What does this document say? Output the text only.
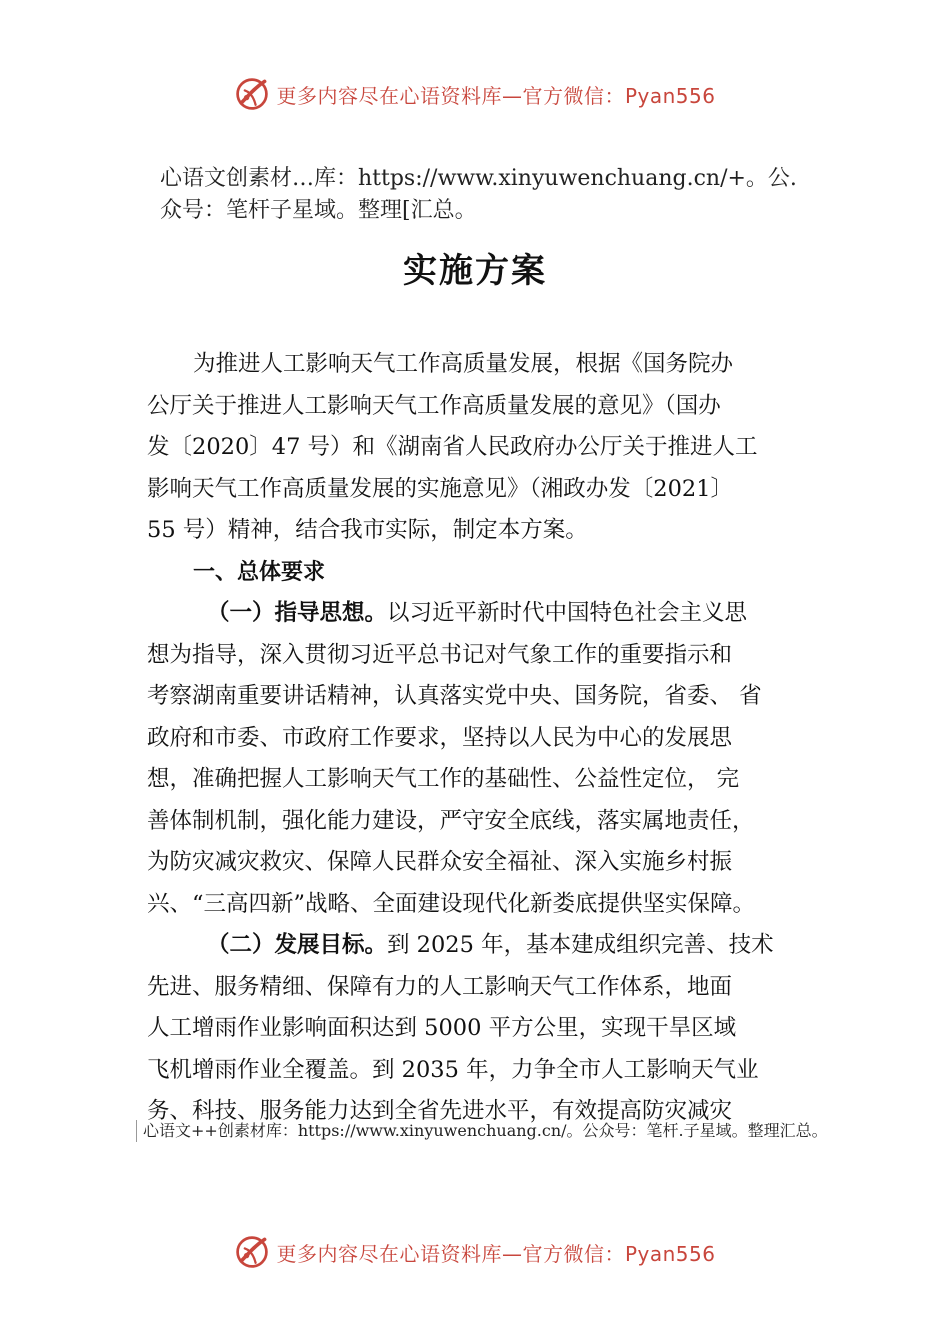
更多内容尽在心语资料库—官方微信：Pyan556
心语文创素材…库：https://www.xinyuwenchuang.cn/+。公.
众号：笔杆子星域。整理[汇总。
实施方案
为推进人工影响天气工作高质量发展，根据《国务院办
公厅关于推进人工影响天气工作高质量发展的意见》（国办
发〔2020〕47 号）和《湖南省人民政府办公厅关于推进人工
影响天气工作高质量发展的实施意见》（湘政办发〔2021〕
55 号）精神，结合我市实际，制定本方案。
一、总体要求
（一）指导思想。以习近平新时代中国特色社会主义思
想为指导，深入贯彻习近平总书记对气象工作的重要指示和
考察湖南重要讲话精神，认真落实党中央、国务院，省委、 省
政府和市委、市政府工作要求，坚持以人民为中心的发展思
想，准确把握人工影响天气工作的基础性、公益性定位， 完
善体制机制，强化能力建设，严守安全底线，落实属地责任，
为防灾减灾救灾、保障人民群众安全福祉、深入实施乡村振
兴、“三高四新”战略、全面建设现代化新娄底提供坚实保障。
（二）发展目标。到 2025 年，基本建成组织完善、技术
先进、服务精细、保障有力的人工影响天气工作体系，地面
人工增雨作业影响面积达到 5000 平方公里，实现干旱区域
飞机增雨作业全覆盖。到 2035 年，力争全市人工影响天气业
务、科技、服务能力达到全省先进水平，有效提高防灾减灾
心语文++创素材库：https://www.xinyuwenchuang.cn/。公众号：笔杆.子星域。整理汇总。
更多内容尽在心语资料库—官方微信：Pyan556
